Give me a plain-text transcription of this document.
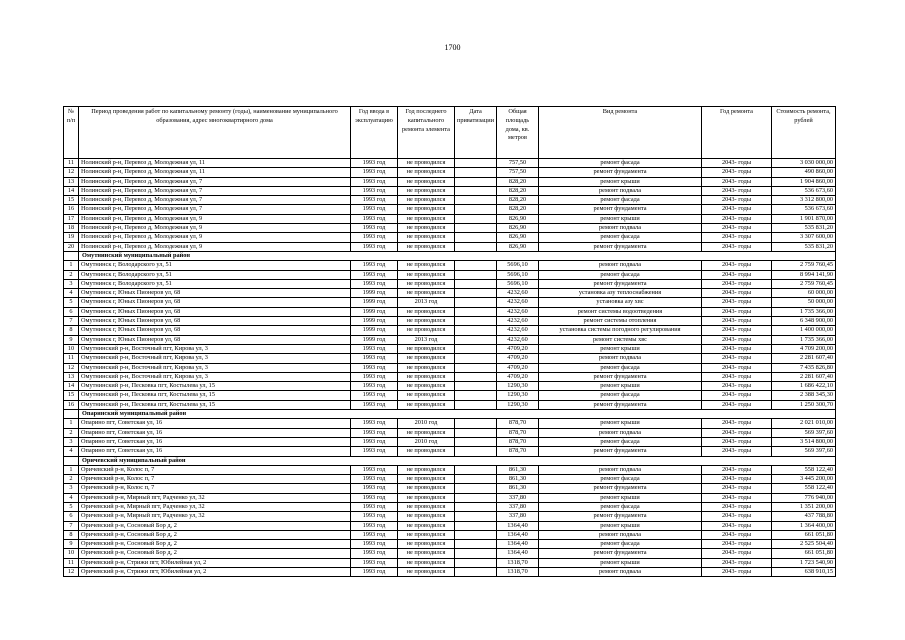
1700
№ п/п	Период проведения работ по капитальному ремонту (годы), наименование муниципального образования, адрес многоквартирного дома	Год ввода в эксплуатацию	Год последнего капитального ремонта элемента	Дата приватизации	Общая площадь дома, кв. метров	Вид ремонта	Год ремонта	Стоимость ремонта, рублей
11	Нолинский р-н, Перевоз д, Молодежная ул, 11	1993 год	не проводился		757,50	ремонт фасада	2043- годы	3 030 000,00
12	Нолинский р-н, Перевоз д, Молодежная ул, 11	1993 год	не проводился		757,50	ремонт фундамента	2043- годы	490 860,00
13	Нолинский р-н, Перевоз д, Молодежная ул, 7	1993 год	не проводился		828,20	ремонт крыши	2043- годы	1 904 860,00
14	Нолинский р-н, Перевоз д, Молодежная ул, 7	1993 год	не проводился		828,20	ремонт подвала	2043- годы	536 673,60
15	Нолинский р-н, Перевоз д, Молодежная ул, 7	1993 год	не проводился		828,20	ремонт фасада	2043- годы	3 312 800,00
16	Нолинский р-н, Перевоз д, Молодежная ул, 7	1993 год	не проводился		828,20	ремонт фундамента	2043- годы	536 673,60
17	Нолинский р-н, Перевоз д, Молодежная ул, 9	1993 год	не проводился		826,90	ремонт крыши	2043- годы	1 901 870,00
18	Нолинский р-н, Перевоз д, Молодежная ул, 9	1993 год	не проводился		826,90	ремонт подвала	2043- годы	535 831,20
19	Нолинский р-н, Перевоз д, Молодежная ул, 9	1993 год	не проводился		826,90	ремонт фасада	2043- годы	3 307 600,00
20	Нолинский р-н, Перевоз д, Молодежная ул, 9	1993 год	не проводился		826,90	ремонт фундамента	2043- годы	535 831,20
	Омутнинский муниципальный район							
1	Омутнинск г, Володарского ул, 51	1993 год	не проводился		5696,10	ремонт подвала	2043- годы	2 759 760,45
2	Омутнинск г, Володарского ул, 51	1993 год	не проводился		5696,10	ремонт фасада	2043- годы	8 994 141,90
3	Омутнинск г, Володарского ул, 51	1993 год	не проводился		5696,10	ремонт фундамента	2043- годы	2 759 760,45
4	Омутнинск г, Юных Пионеров ул, 68	1999 год	не проводился		4232,60	установка азу теплоснабжения	2043- годы	60 000,00
5	Омутнинск г, Юных Пионеров ул, 68	1999 год	2013 год		4232,60	установка азу хвс	2043- годы	50 000,00
6	Омутнинск г, Юных Пионеров ул, 68	1999 год	не проводился		4232,60	ремонт системы водоотведения	2043- годы	1 735 366,00
7	Омутнинск г, Юных Пионеров ул, 68	1999 год	не проводился		4232,60	ремонт системы отопления	2043- годы	6 348 900,00
8	Омутнинск г, Юных Пионеров ул, 68	1999 год	не проводился		4232,60	установка системы погодного регулирования	2043- годы	1 400 000,00
9	Омутнинск г, Юных Пионеров ул, 68	1999 год	2013 год		4232,60	ремонт системы хвс	2043- годы	1 735 366,00
10	Омутнинский р-н, Восточный пгт, Кирова ул, 3	1993 год	не проводился		4709,20	ремонт крыши	2043- годы	4 709 200,00
11	Омутнинский р-н, Восточный пгт, Кирова ул, 3	1993 год	не проводился		4709,20	ремонт подвала	2043- годы	2 281 607,40
12	Омутнинский р-н, Восточный пгт, Кирова ул, 3	1993 год	не проводился		4709,20	ремонт фасада	2043- годы	7 435 826,80
13	Омутнинский р-н, Восточный пгт, Кирова ул, 3	1993 год	не проводился		4709,20	ремонт фундамента	2043- годы	2 281 607,40
14	Омутнинский р-н, Песковка пгт, Костылева ул, 15	1993 год	не проводился		1290,30	ремонт крыши	2043- годы	1 686 422,10
15	Омутнинский р-н, Песковка пгт, Костылева ул, 15	1993 год	не проводился		1290,30	ремонт фасада	2043- годы	2 388 345,30
16	Омутнинский р-н, Песковка пгт, Костылева ул, 15	1993 год	не проводился		1290,30	ремонт фундамента	2043- годы	1 250 300,70
	Опаринский муниципальный район							
1	Опарино пгт, Советская ул, 16	1993 год	2010 год		878,70	ремонт крыши	2043- годы	2 021 010,00
2	Опарино пгт, Советская ул, 16	1993 год	не проводился		878,70	ремонт подвала	2043- годы	569 397,60
3	Опарино пгт, Советская ул, 16	1993 год	2010 год		878,70	ремонт фасада	2043- годы	3 514 800,00
4	Опарино пгт, Советская ул, 16	1993 год	не проводился		878,70	ремонт фундамента	2043- годы	569 397,60
	Оричевский муниципальный район							
1	Оричевский р-н, Колос п, 7	1993 год	не проводился		861,30	ремонт подвала	2043- годы	558 122,40
2	Оричевский р-н, Колос п, 7	1993 год	не проводился		861,30	ремонт фасада	2043- годы	3 445 200,00
3	Оричевский р-н, Колос п, 7	1993 год	не проводился		861,30	ремонт фундамента	2043- годы	558 122,40
4	Оричевский р-н, Мирный пгт, Радченко ул, 32	1993 год	не проводился		337,80	ремонт крыши	2043- годы	776 940,00
5	Оричевский р-н, Мирный пгт, Радченко ул, 32	1993 год	не проводился		337,80	ремонт фасада	2043- годы	1 351 200,00
6	Оричевский р-н, Мирный пгт, Радченко ул, 32	1993 год	не проводился		337,80	ремонт фундамента	2043- годы	437 788,80
7	Оричевский р-н, Сосновый Бор д, 2	1993 год	не проводился		1364,40	ремонт крыши	2043- годы	1 364 400,00
8	Оричевский р-н, Сосновый Бор д, 2	1993 год	не проводился		1364,40	ремонт подвала	2043- годы	661 051,80
9	Оричевский р-н, Сосновый Бор д, 2	1993 год	не проводился		1364,40	ремонт фасада	2043- годы	2 525 504,40
10	Оричевский р-н, Сосновый Бор д, 2	1993 год	не проводился		1364,40	ремонт фундамента	2043- годы	661 051,80
11	Оричевский р-н, Стрижи пгт, Юбилейная ул, 2	1993 год	не проводился		1318,70	ремонт крыши	2043- годы	1 723 540,90
12	Оричевский р-н, Стрижи пгт, Юбилейная ул, 2	1993 год	не проводился		1318,70	ремонт подвала	2043- годы	638 910,15
